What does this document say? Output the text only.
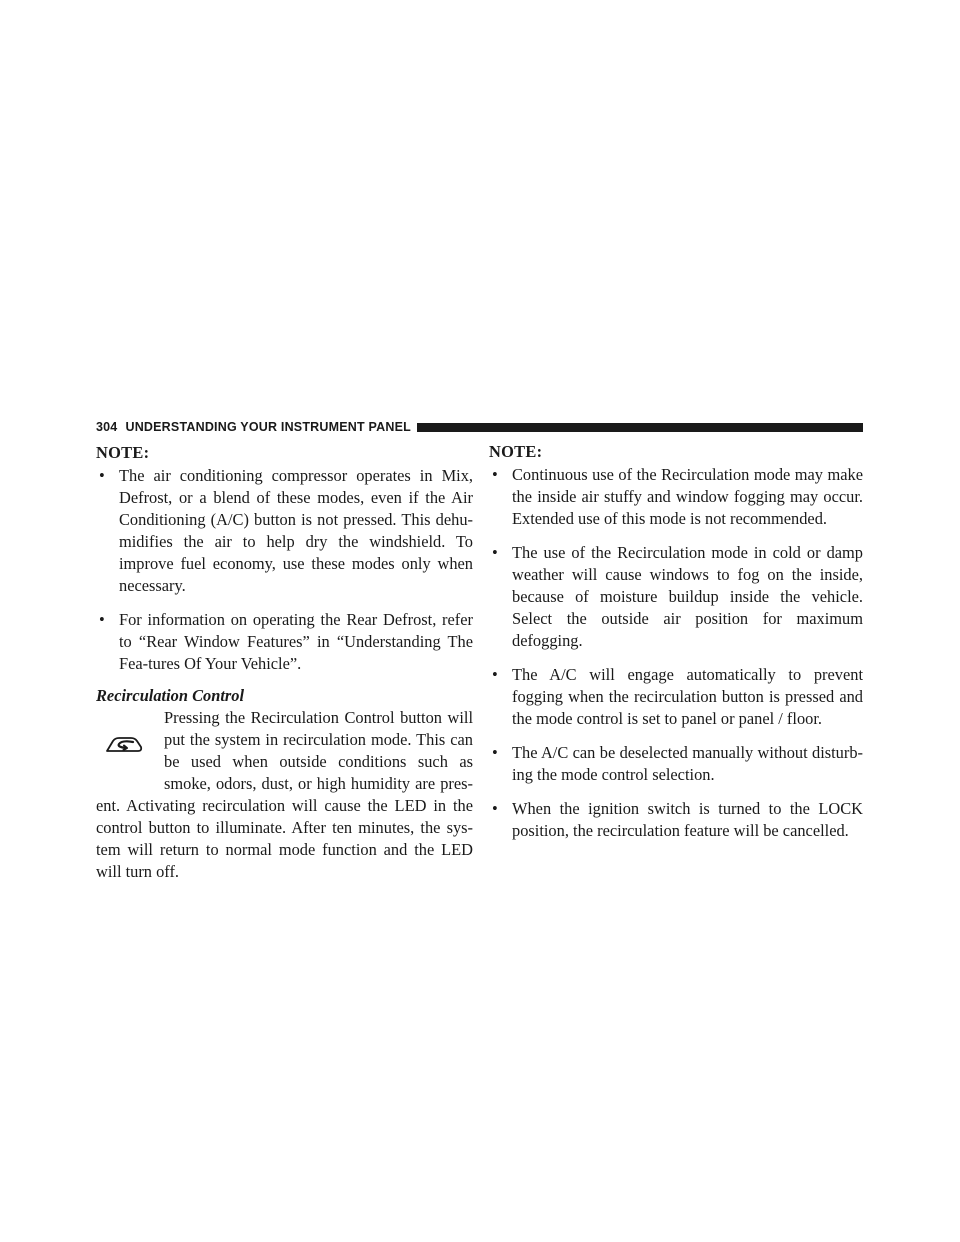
304 UNDERSTANDING YOUR INSTRUMENT PANEL
NOTE:
• The air conditioning compressor operates in Mix, Defrost, or a blend of these modes, even if the Air Conditioning (A/C) button is not pressed. This dehu-midifies the air to help dry the windshield. To improve fuel economy, use these modes only when necessary.
• For information on operating the Rear Defrost, refer to “Rear Window Features” in “Understanding The Fea-tures Of Your Vehicle”.
Recirculation Control

Pressing the Recirculation Control button will put the system in recirculation mode. This can be used when outside conditions such as smoke, odors, dust, or high humidity are pres-ent. Activating recirculation will cause the LED in the control button to illuminate. After ten minutes, the sys-tem will return to normal mode function and the LED will turn off.

NOTE:
• Continuous use of the Recirculation mode may make the inside air stuffy and window fogging may occur. Extended use of this mode is not recommended.
• The use of the Recirculation mode in cold or damp weather will cause windows to fog on the inside, because of moisture buildup inside the vehicle. Select the outside air position for maximum defogging.
• The A/C will engage automatically to prevent fogging when the recirculation button is pressed and the mode control is set to panel or panel / floor.
• The A/C can be deselected manually without disturb-ing the mode control selection.
• When the ignition switch is turned to the LOCK position, the recirculation feature will be cancelled.
